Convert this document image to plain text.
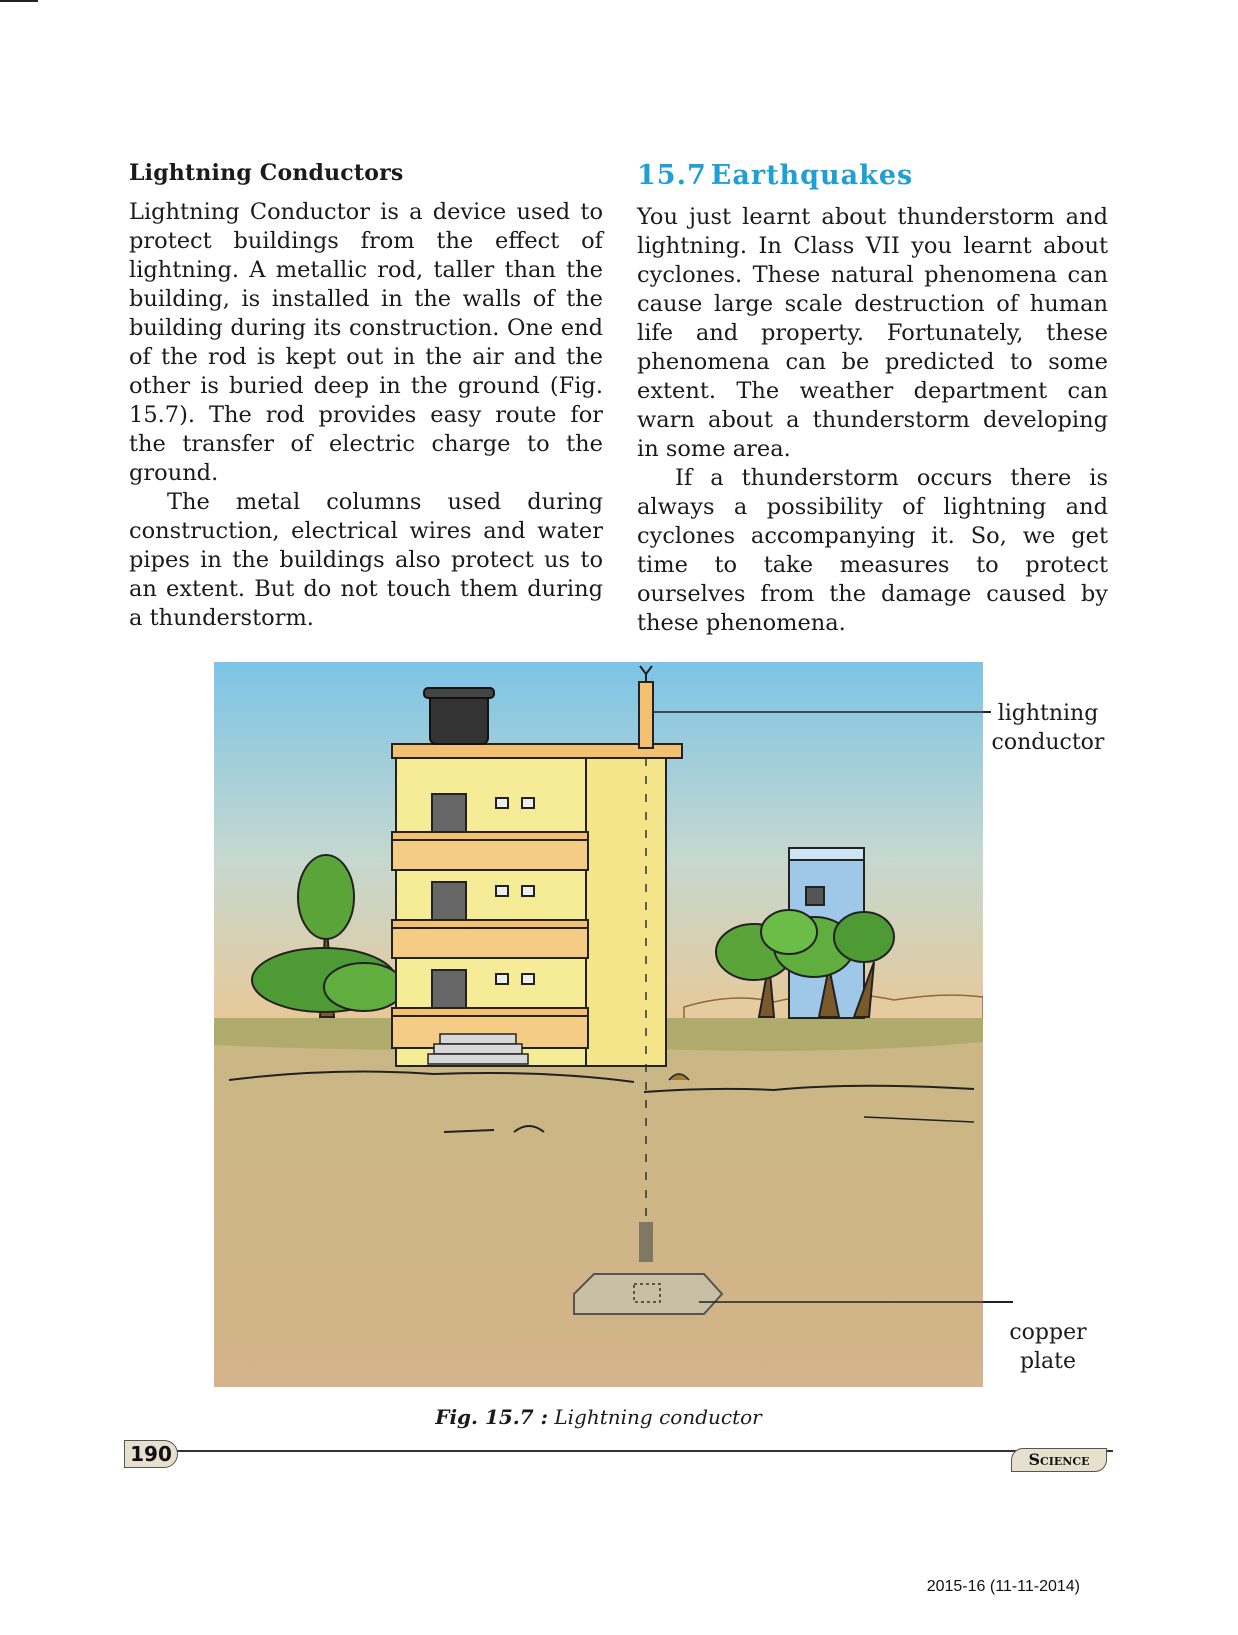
Lightning Conductors

Lightning Conductor is a device used to protect buildings from the effect of lightning. A metallic rod, taller than the building, is installed in the walls of the building during its construction. One end of the rod is kept out in the air and the other is buried deep in the ground (Fig. 15.7). The rod provides easy route for the transfer of electric charge to the ground.

The metal columns used during construction, electrical wires and water pipes in the buildings also protect us to an extent. But do not touch them during a thunderstorm.

15.7 Earthquakes

You just learnt about thunderstorm and lightning. In Class VII you learnt about cyclones. These natural phenomena can cause large scale destruction of human life and property. Fortunately, these phenomena can be predicted to some extent. The weather department can warn about a thunderstorm developing in some area.

If a thunderstorm occurs there is always a possibility of lightning and cyclones accompanying it. So, we get time to take measures to protect ourselves from the damage caused by these phenomena.

lightning
conductor
copper
plate
Fig. 15.7 : Lightning conductor
190	Science
2015-16 (11-11-2014)
